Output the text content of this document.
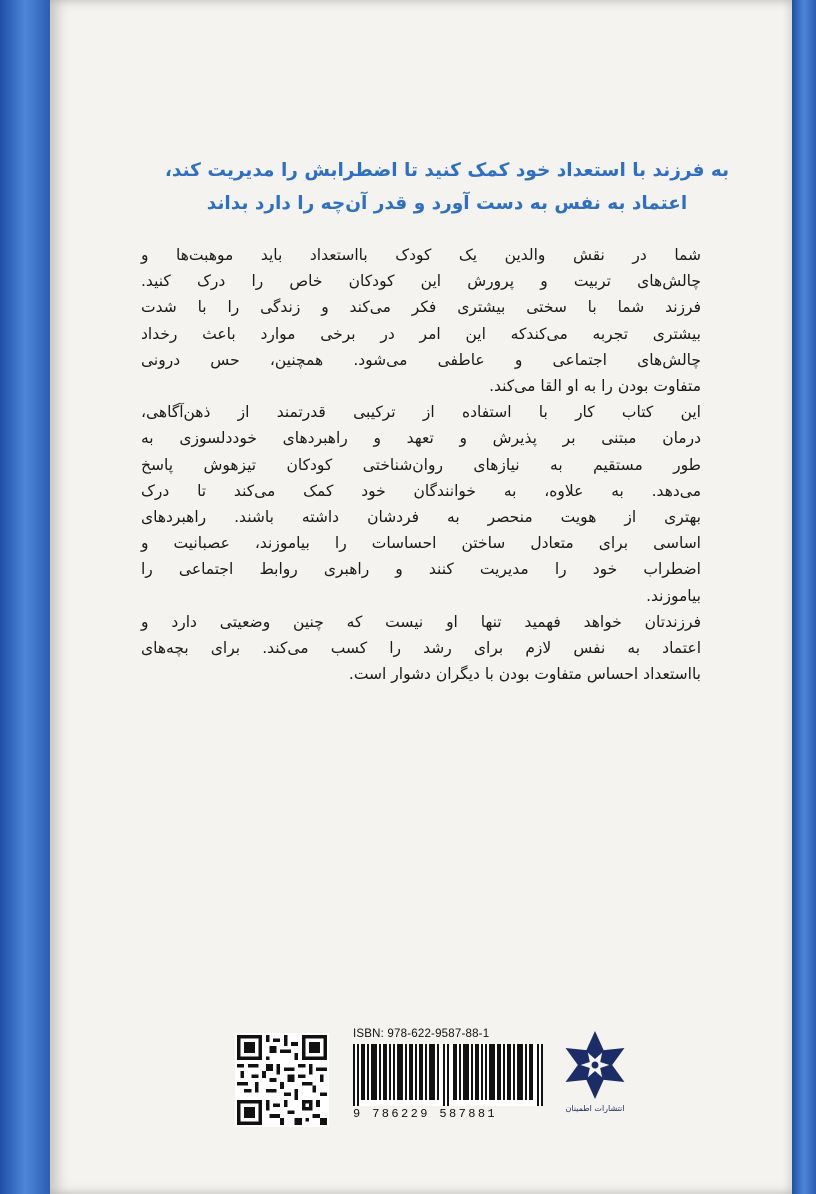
به فرزند با استعداد خود کمک کنید تا اضطرابش را مدیریت کند،
اعتماد به نفس به دست آورد و قدر آن‌چه را دارد بداند
شما در نقش والدین یک کودک بااستعداد باید موهبت‌ها و
چالش‌های تربیت و پرورش این کودکان خاص را درک کنید.
فرزند شما با سختی بیشتری فکر می‌کند و زندگی را با شدت
بیشتری تجربه می‌کندکه این امر در برخی موارد باعث رخداد
چالش‌های اجتماعی و عاطفی می‌شود. همچنین، حس درونی
متفاوت بودن را به او القا می‌کند.
این کتاب کار با استفاده از ترکیبی قدرتمند از ذهن‌آگاهی،
درمان مبتنی بر پذیرش و تعهد و راهبردهای خوددلسوزی به
طور مستقیم به نیازهای روان‌شناختی کودکان تیزهوش پاسخ
می‌دهد. به علاوه، به خوانندگان خود کمک می‌کند تا درک
بهتری از هویت منحصر به فردشان داشته باشند. راهبردهای
اساسی برای متعادل ساختن احساسات را بیاموزند، عصبانیت و
اضطراب خود را مدیریت کنند و راهبری روابط اجتماعی را
بیاموزند.
فرزندتان خواهد فهمید تنها او نیست که چنین وضعیتی دارد و
اعتماد به نفس لازم برای رشد را کسب می‌کند. برای بچه‌های
بااستعداد احساس متفاوت بودن با دیگران دشوار است.
ISBN: 978-622-9587-88-1
9 786229 587881	انتشارات اطمینان
